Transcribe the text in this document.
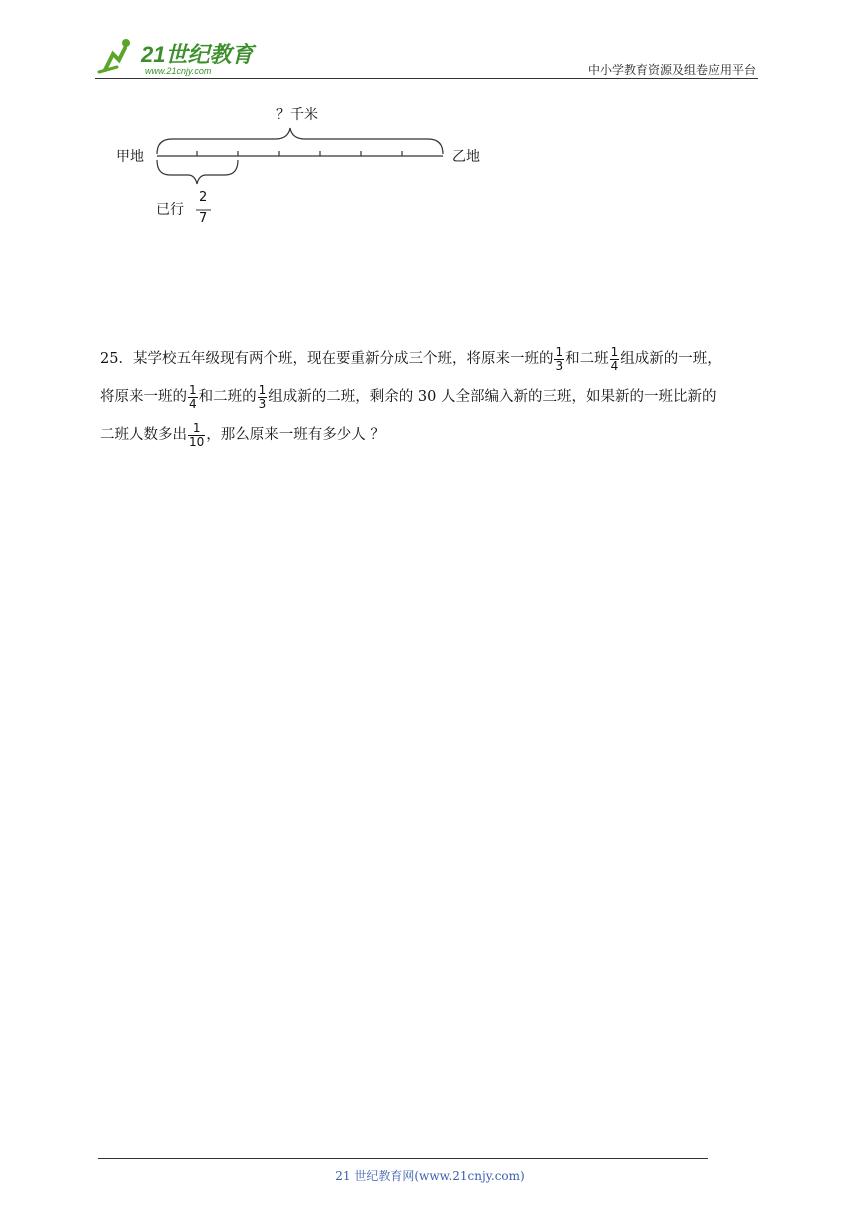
21世纪教育
www.21cnjy.com	中小学教育资源及组卷应用平台
？千米
甲地	乙地
已行
2
7
25．某学校五年级现有两个班，现在要重新分成三个班，将原来一班的 $\frac{1}{3}$ 和二班 $\frac{1}{4}$ 组成新的一班，
将原来一班的 $\frac{1}{4}$ 和二班的 $\frac{1}{3}$ 组成新的二班，剩余的 30 人全部编入新的三班，如果新的一班比新的
二班人数多出 $\frac{1}{10}$ ，那么原来一班有多少人 ？
21 世纪教育网(www.21cnjy.com)
